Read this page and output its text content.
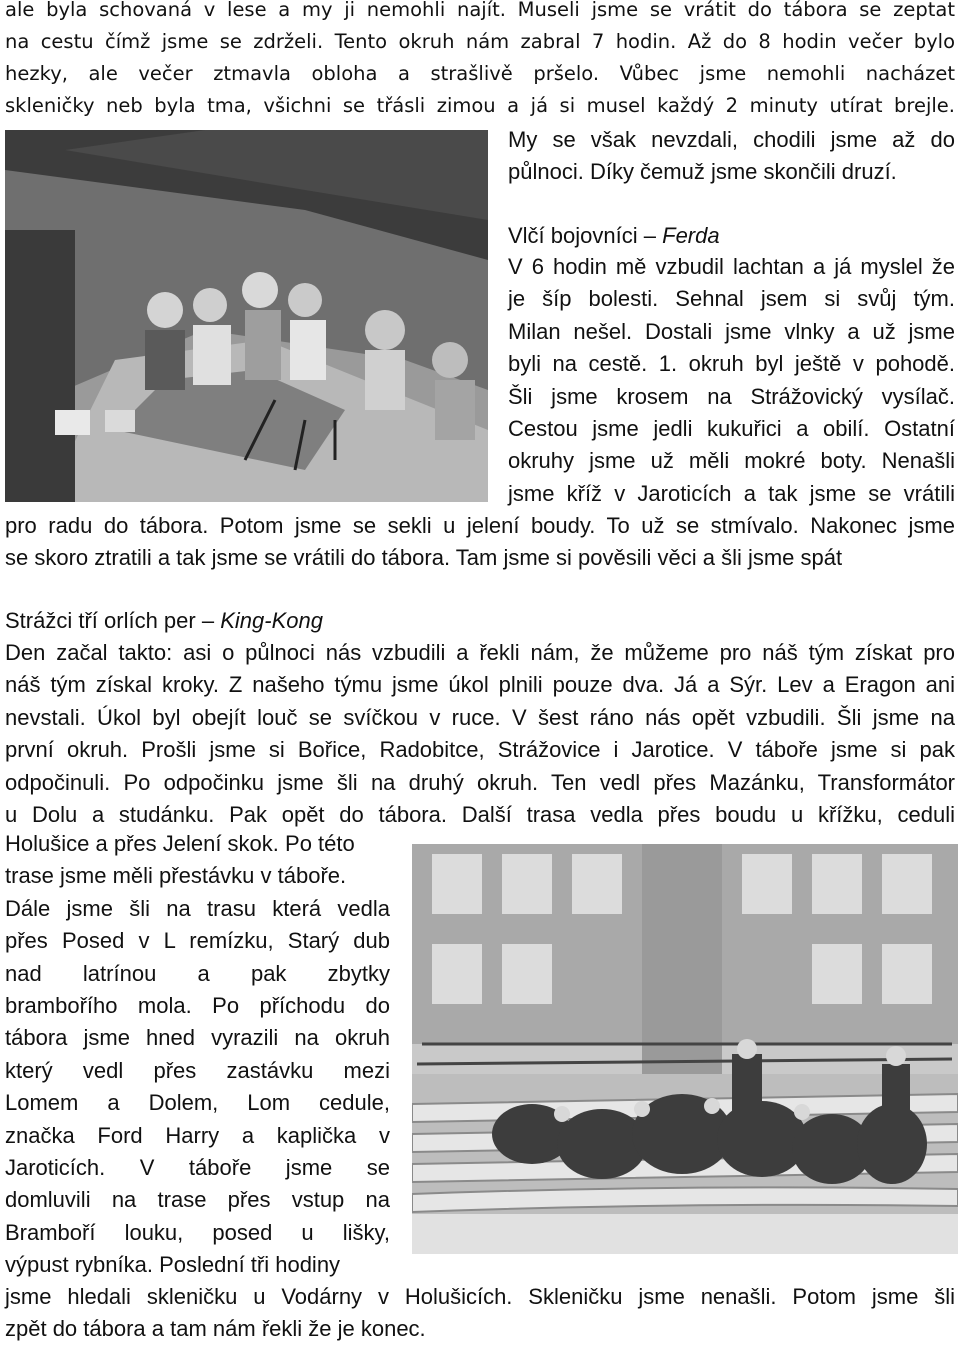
ale byla schovaná v lese a my ji nemohli najít. Museli jsme se vrátit do tábora se zeptat
na cestu čímž jsme se zdrželi. Tento okruh nám zabral 7 hodin. Až do 8 hodin večer bylo
hezky, ale večer ztmavla obloha a strašlivě pršelo. Vůbec jsme nemohli nacházet
skleničky neb byla tma, všichni se třásli zimou a já si musel každý 2 minuty utírat brejle.
My se však nevzdali, chodili jsme až do
půlnoci. Díky čemuž jsme skončili druzí.

Vlčí bojovníci – Ferda

V 6 hodin mě vzbudil lachtan a já myslel že
je šíp bolesti. Sehnal jsem si svůj tým.
Milan nešel. Dostali jsme vlnky a už jsme
byli na cestě. 1. okruh byl ještě v pohodě.
Šli jsme krosem na Strážovický vysílač.
Cestou jsme jedli kukuřici a obilí. Ostatní
okruhy jsme už měli mokré boty. Nenašli
jsme kříž v Jaroticích a tak jsme se vrátili
pro radu do tábora. Potom jsme se sekli u jelení boudy. To už se stmívalo. Nakonec jsme
se skoro ztratili a tak jsme se vrátili do tábora. Tam jsme si pověsili věci a šli jsme spát

Strážci tří orlích per – King-Kong

Den začal takto: asi o půlnoci nás vzbudili a řekli nám, že můžeme pro náš tým získat pro
náš tým získal kroky. Z našeho týmu jsme úkol plnili pouze dva. Já a Sýr. Lev a Eragon ani
nevstali. Úkol byl obejít louč se svíčkou v ruce. V šest ráno nás opět vzbudili. Šli jsme na
první okruh. Prošli jsme si Bořice, Radobitce, Strážovice i Jarotice. V táboře jsme si pak
odpočinuli. Po odpočinku jsme šli na druhý okruh. Ten vedl přes Mazánku, Transformátor
u Dolu a studánku. Pak opět do tábora. Další trasa vedla přes boudu u křížku, ceduli
Holušice a přes Jelení skok. Po této
trase jsme měli přestávku v táboře.
Dále jsme šli na trasu která vedla
přes Posed v L remízku, Starý dub
nad latrínou a pak zbytky
brambořího mola. Po příchodu do
tábora jsme hned vyrazili na okruh
který vedl přes zastávku mezi
Lomem a Dolem, Lom cedule,
značka Ford Harry a kaplička v
Jaroticích. V táboře jsme se
domluvili na trase přes vstup na
Bramboří louku, posed u lišky,
výpust rybníka. Poslední tři hodiny
jsme hledali skleničku u Vodárny v Holušicích. Skleničku jsme nenašli. Potom jsme šli
zpět do tábora a tam nám řekli že je konec.
